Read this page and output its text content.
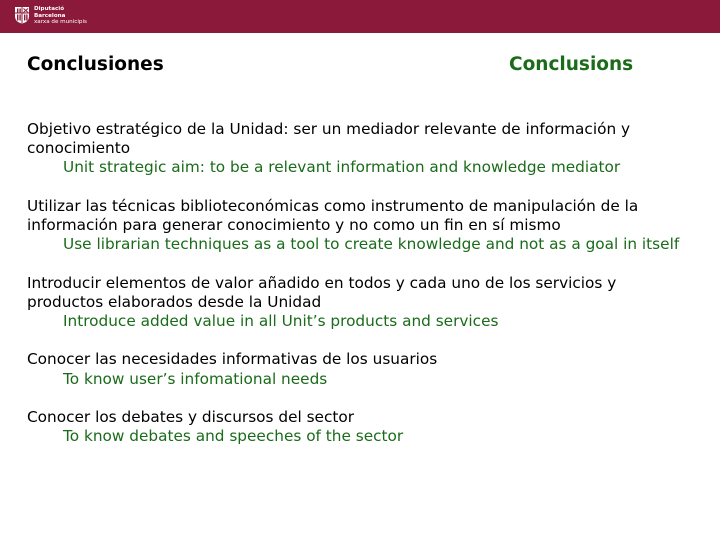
Diputació
Barcelona
xarxa de municipis
Conclusiones	Conclusions
Objetivo estratégico de la Unidad: ser un mediador relevante de información y conocimiento
Unit strategic aim: to be a relevant information and knowledge mediator
Utilizar las técnicas biblioteconómicas como instrumento de manipulación de la información para generar conocimiento y no como un fin en sí mismo
Use librarian techniques as a tool to create knowledge and not as a goal in itself
Introducir elementos de valor añadido en todos y cada uno de los servicios y productos elaborados desde la Unidad
Introduce added value in all Unit’s products and services
Conocer las necesidades informativas de los usuarios
To know user’s infomational needs
Conocer los debates y discursos del sector
To know debates and speeches of the sector
